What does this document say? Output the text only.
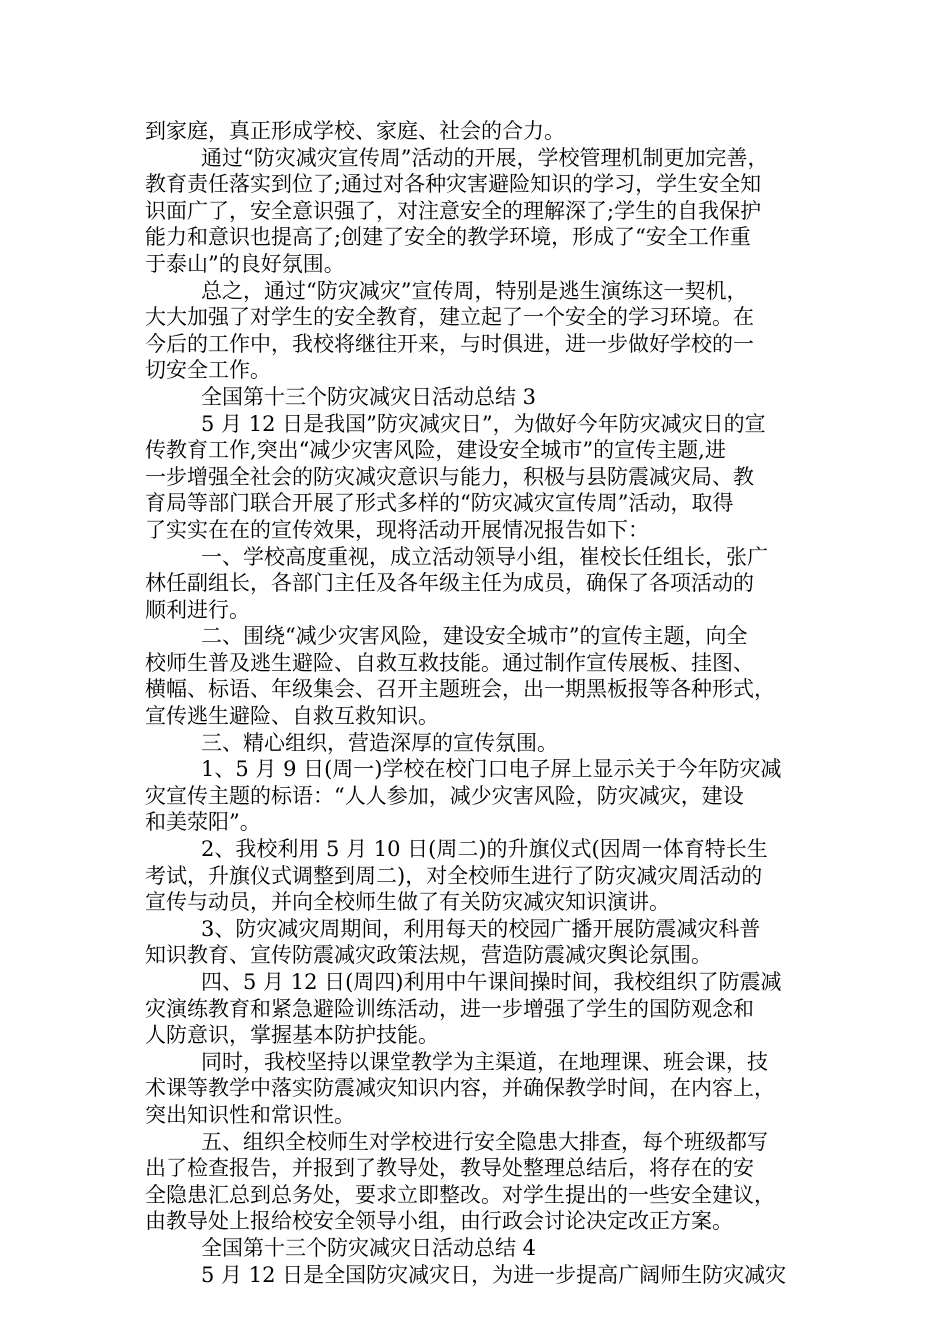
到家庭，真正形成学校、家庭、社会的合力。
通过“防灾减灾宣传周”活动的开展，学校管理机制更加完善，
教育责任落实到位了;通过对各种灾害避险知识的学习，学生安全知
识面广了，安全意识强了，对注意安全的理解深了;学生的自我保护
能力和意识也提高了;创建了安全的教学环境，形成了“安全工作重
于泰山”的良好氛围。
总之，通过“防灾减灾”宣传周，特别是逃生演练这一契机，
大大加强了对学生的安全教育，建立起了一个安全的学习环境。在
今后的工作中，我校将继往开来，与时俱进，进一步做好学校的一
切安全工作。
全国第十三个防灾减灾日活动总结 3
5 月 12 日是我国”防灾减灾日”，为做好今年防灾减灾日的宣
传教育工作,突出“减少灾害风险，建设安全城市”的宣传主题,进
一步增强全社会的防灾减灾意识与能力，积极与县防震减灾局、教
育局等部门联合开展了形式多样的“防灾减灾宣传周”活动，取得
了实实在在的宣传效果，现将活动开展情况报告如下：
一、学校高度重视，成立活动领导小组，崔校长任组长，张广
林任副组长，各部门主任及各年级主任为成员，确保了各项活动的
顺利进行。
二、围绕“减少灾害风险，建设安全城市”的宣传主题，向全
校师生普及逃生避险、自救互救技能。通过制作宣传展板、挂图、
横幅、标语、年级集会、召开主题班会，出一期黑板报等各种形式，
宣传逃生避险、自救互救知识。
三、精心组织，营造深厚的宣传氛围。
1、5 月 9 日(周一)学校在校门口电子屏上显示关于今年防灾减
灾宣传主题的标语：“人人参加，减少灾害风险，防灾减灾，建设
和美荥阳”。
2、我校利用 5 月 10 日(周二)的升旗仪式(因周一体育特长生
考试，升旗仪式调整到周二)，对全校师生进行了防灾减灾周活动的
宣传与动员，并向全校师生做了有关防灾减灾知识演讲。
3、防灾减灾周期间，利用每天的校园广播开展防震减灾科普
知识教育、宣传防震减灾政策法规，营造防震减灾舆论氛围。
四、5 月 12 日(周四)利用中午课间操时间，我校组织了防震减
灾演练教育和紧急避险训练活动，进一步增强了学生的国防观念和
人防意识，掌握基本防护技能。
同时，我校坚持以课堂教学为主渠道，在地理课、班会课，技
术课等教学中落实防震减灾知识内容，并确保教学时间，在内容上，
突出知识性和常识性。
五、组织全校师生对学校进行安全隐患大排查，每个班级都写
出了检查报告，并报到了教导处，教导处整理总结后，将存在的安
全隐患汇总到总务处，要求立即整改。对学生提出的一些安全建议，
由教导处上报给校安全领导小组，由行政会讨论决定改正方案。
全国第十三个防灾减灾日活动总结 4
5 月 12 日是全国防灾减灾日，为进一步提高广阔师生防灾减灾
